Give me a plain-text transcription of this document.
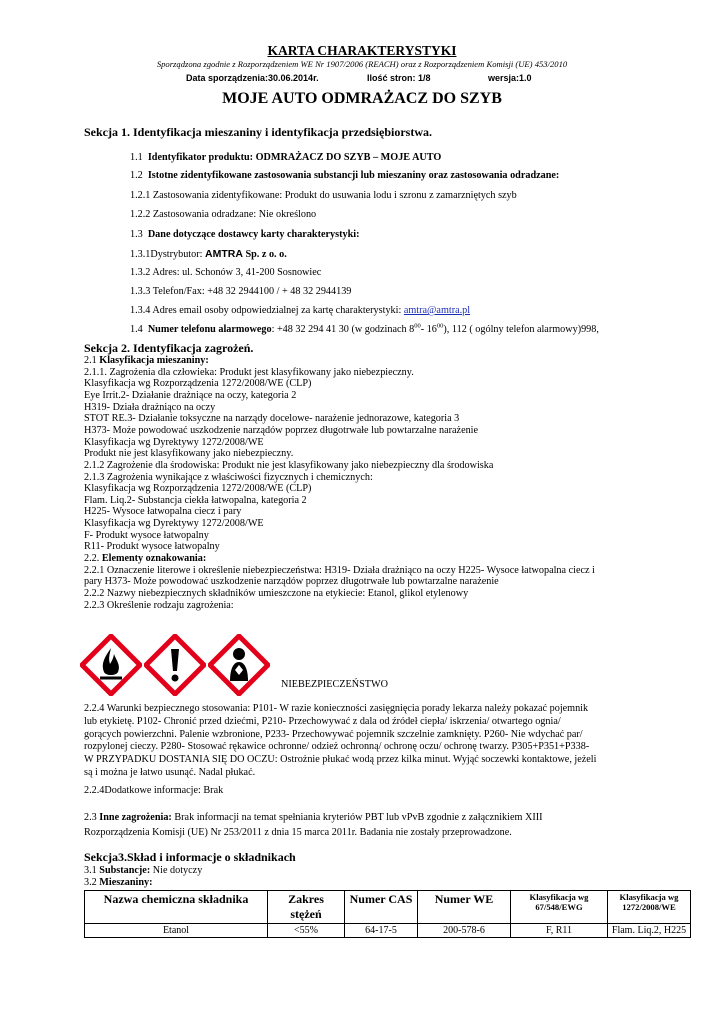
KARTA CHARAKTERYSTYKI
Sporządzona zgodnie z Rozporządzeniem WE Nr 1907/2006 (REACH) oraz z Rozporządzeniem Komisji (UE) 453/2010
Data sporządzenia:30.06.2014r.	Ilość stron: 1/8	wersja:1.0
MOJE AUTO ODMRAŻACZ DO SZYB
Sekcja 1. Identyfikacja mieszaniny i identyfikacja przedsiębiorstwa.
1.1 Identyfikator produktu: ODMRAŻACZ DO SZYB – MOJE AUTO
1.2 Istotne zidentyfikowane zastosowania substancji lub mieszaniny oraz zastosowania odradzane:
1.2.1 Zastosowania zidentyfikowane: Produkt do usuwania lodu i szronu z zamarzniętych szyb
1.2.2 Zastosowania odradzane: Nie określono
1.3 Dane dotyczące dostawcy karty charakterystyki:
1.3.1Dystrybutor: AMTRA Sp. z o. o.
1.3.2 Adres: ul. Schonów 3, 41-200 Sosnowiec
1.3.3 Telefon/Fax: +48 32 2944100 / + 48 32 2944139
1.3.4 Adres email osoby odpowiedzialnej za kartę charakterystyki: amtra@amtra.pl
1.4 Numer telefonu alarmowego: +48 32 294 41 30 (w godzinach $8^{00}-$ $16^{00}$), 112 ( ogólny telefon alarmowy)998,
Sekcja 2. Identyfikacja zagrożeń.
2.1 Klasyfikacja mieszaniny:
2.1.1. Zagrożenia dla człowieka: Produkt jest klasyfikowany jako niebezpieczny.
Klasyfikacja wg Rozporządzenia 1272/2008/WE (CLP)
Eye Irrit.2- Działanie drażniące na oczy, kategoria 2
H319- Działa drażniąco na oczy
STOT RE.3- Działanie toksyczne na narządy docelowe- narażenie jednorazowe, kategoria 3
H373- Może powodować uszkodzenie narządów poprzez długotrwałe lub powtarzalne narażenie
Klasyfikacja wg Dyrektywy 1272/2008/WE
Produkt nie jest klasyfikowany jako niebezpieczny.
2.1.2 Zagrożenie dla środowiska: Produkt nie jest klasyfikowany jako niebezpieczny dla środowiska
2.1.3 Zagrożenia wynikające z właściwości fizycznych i chemicznych:
Klasyfikacja wg Rozporządzenia 1272/2008/WE (CLP)
Flam. Liq.2- Substancja ciekła łatwopalna, kategoria 2
H225- Wysoce łatwopalna ciecz i pary
Klasyfikacja wg Dyrektywy 1272/2008/WE
F- Produkt wysoce łatwopalny
R11- Produkt wysoce łatwopalny
2.2. Elementy oznakowania:
2.2.1 Oznaczenie literowe i określenie niebezpieczeństwa: H319- Działa drażniąco na oczy H225- Wysoce łatwopalna ciecz i
pary H373- Może powodować uszkodzenie narządów poprzez długotrwałe lub powtarzalne narażenie
2.2.2 Nazwy niebezpiecznych składników umieszczone na etykiecie: Etanol, glikol etylenowy
2.2.3 Określenie rodzaju zagrożenia:
NIEBEZPIECZEŃSTWO
2.2.4 Warunki bezpiecznego stosowania: P101- W razie konieczności zasięgnięcia porady lekarza należy pokazać pojemnik
lub etykietę. P102- Chronić przed dziećmi, P210- Przechowywać z dala od źródeł ciepła/ iskrzenia/ otwartego ognia/
gorących powierzchni. Palenie wzbronione, P233- Przechowywać pojemnik szczelnie zamknięty. P260- Nie wdychać par/
rozpylonej cieczy. P280- Stosować rękawice ochronne/ odzież ochronną/ ochronę oczu/ ochronę twarzy. P305+P351+P338-
W PRZYPADKU DOSTANIA SIĘ DO OCZU: Ostrożnie płukać wodą przez kilka minut. Wyjąć soczewki kontaktowe, jeżeli
są i można je łatwo usunąć. Nadal płukać.
2.2.4Dodatkowe informacje: Brak
2.3 Inne zagrożenia: Brak informacji na temat spełniania kryteriów PBT lub vPvB zgodnie z załącznikiem XIII
Rozporządzenia Komisji (UE) Nr 253/2011 z dnia 15 marca 2011r. Badania nie zostały przeprowadzone.
Sekcja3.Skład i informacje o składnikach
3.1 Substancje: Nie dotyczy
3.2 Mieszaniny:
Nazwa chemiczna składnika	Zakres stężeń	Numer CAS	Numer WE	Klasyfikacja wg 67/548/EWG	Klasyfikacja wg 1272/2008/WE
Etanol	<55%	64-17-5	200-578-6	F, R11	Flam. Liq.2, H225
